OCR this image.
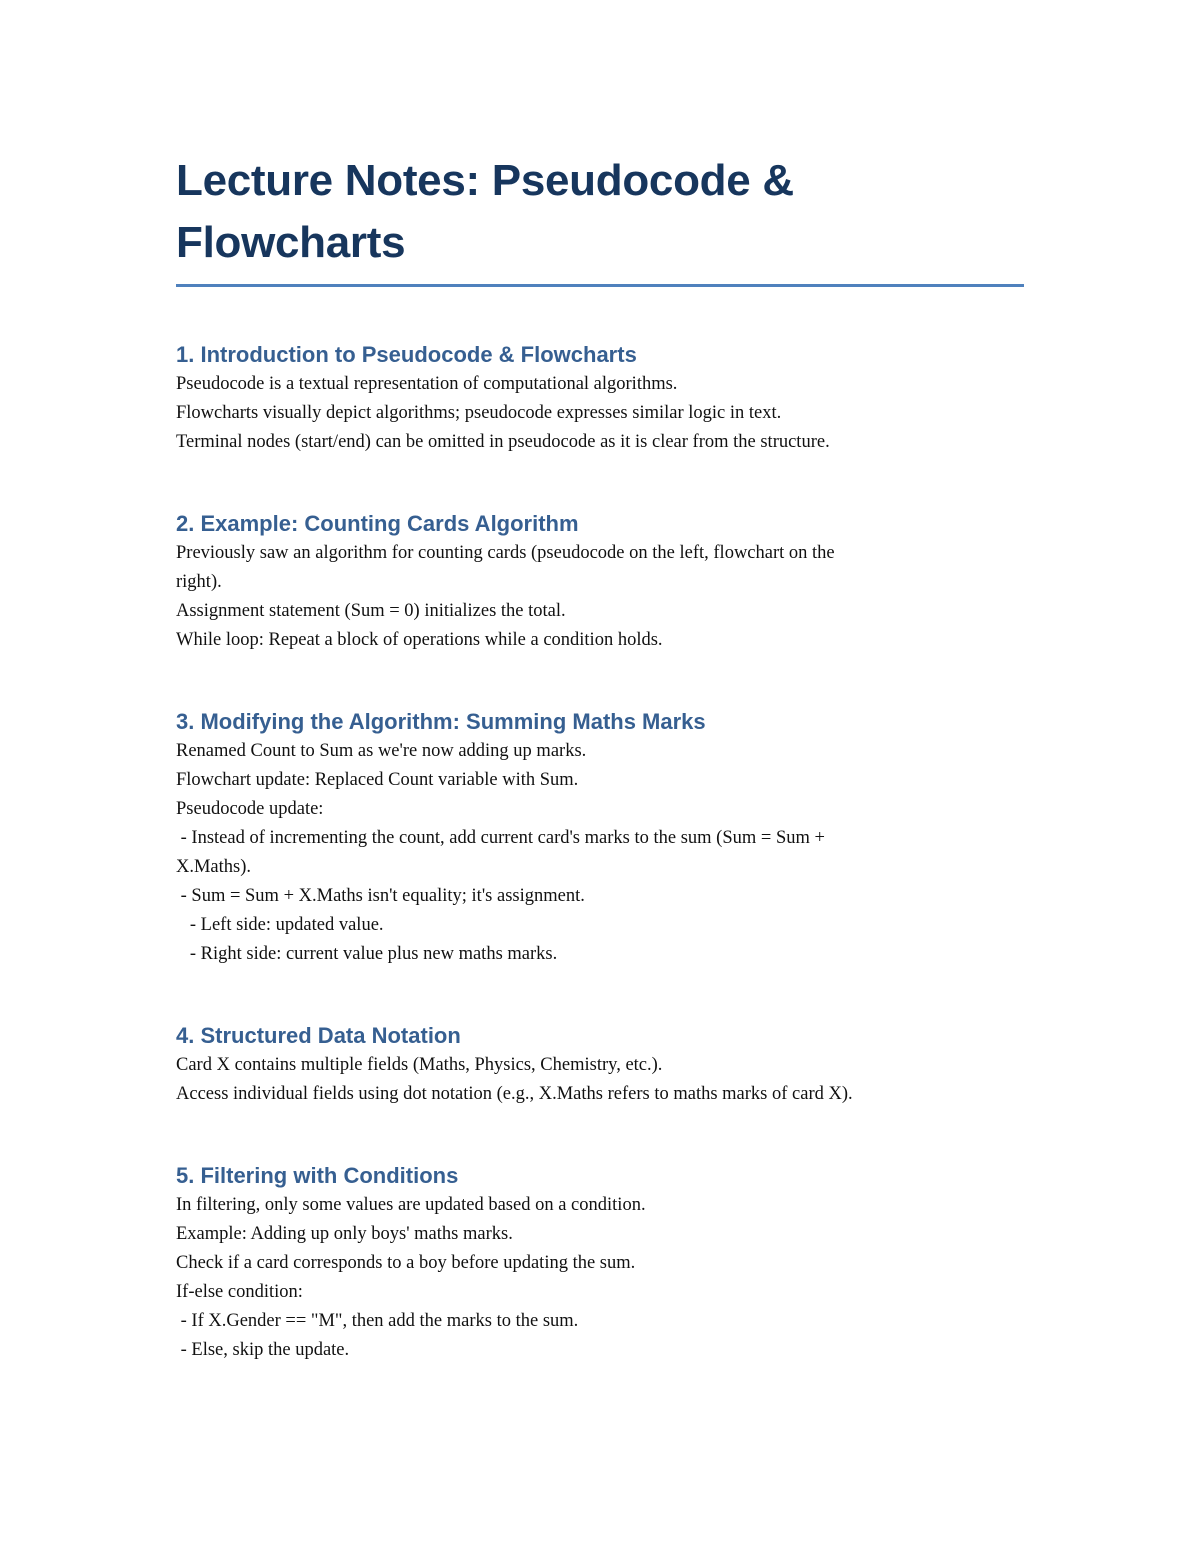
Lecture Notes: Pseudocode &
Flowcharts
1. Introduction to Pseudocode & Flowcharts

Pseudocode is a textual representation of computational algorithms.

Flowcharts visually depict algorithms; pseudocode expresses similar logic in text.

Terminal nodes (start/end) can be omitted in pseudocode as it is clear from the structure.

2. Example: Counting Cards Algorithm

Previously saw an algorithm for counting cards (pseudocode on the left, flowchart on the

right).

Assignment statement (Sum = 0) initializes the total.

While loop: Repeat a block of operations while a condition holds.

3. Modifying the Algorithm: Summing Maths Marks

Renamed Count to Sum as we're now adding up marks.

Flowchart update: Replaced Count variable with Sum.

Pseudocode update:

- Instead of incrementing the count, add current card's marks to the sum (Sum = Sum +

X.Maths).

- Sum = Sum + X.Maths isn't equality; it's assignment.

- Left side: updated value.

- Right side: current value plus new maths marks.

4. Structured Data Notation

Card X contains multiple fields (Maths, Physics, Chemistry, etc.).

Access individual fields using dot notation (e.g., X.Maths refers to maths marks of card X).

5. Filtering with Conditions

In filtering, only some values are updated based on a condition.

Example: Adding up only boys' maths marks.

Check if a card corresponds to a boy before updating the sum.

If-else condition:

- If X.Gender == "M", then add the marks to the sum.

- Else, skip the update.
